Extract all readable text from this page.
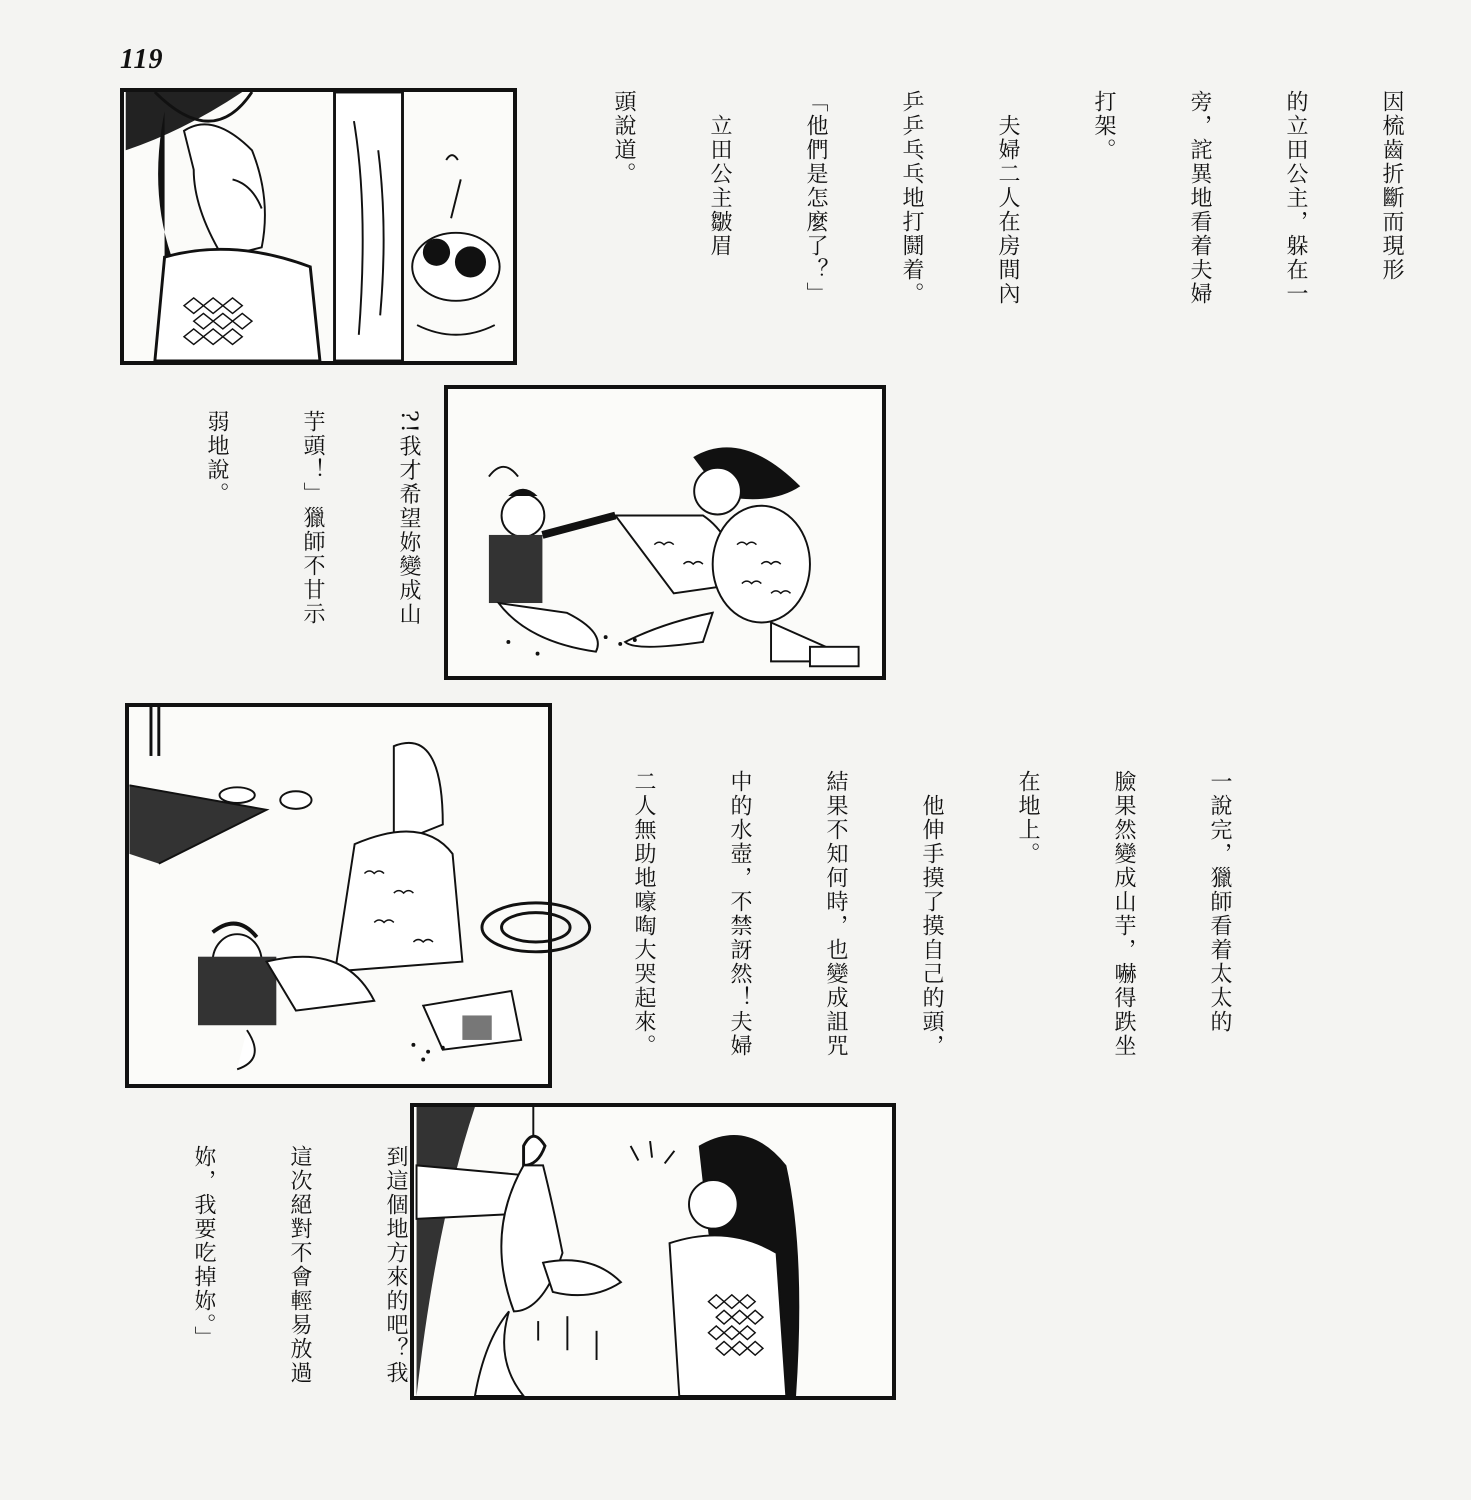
119

因梳齒折斷而現形

的立田公主，躲在一

旁，詫異地看着夫婦

打架。

　夫婦二人在房間內

乒乒乓乓地打鬪着。

「他們是怎麼了？」

　立田公主皺眉

頭說道。

?!我才希望妳變成山

芋頭！」獵師不甘示

弱地說。

一說完，獵師看着太太的

臉果然變成山芋，嚇得跌坐

在地上。

　他伸手摸了摸自己的頭，

結果不知何時，也變成詛咒

中的水壺，不禁訝然！夫婦

二人無助地嚎啕大哭起來。

到這個地方來的吧？我

這次絕對不會輕易放過

妳，我要吃掉妳。」
